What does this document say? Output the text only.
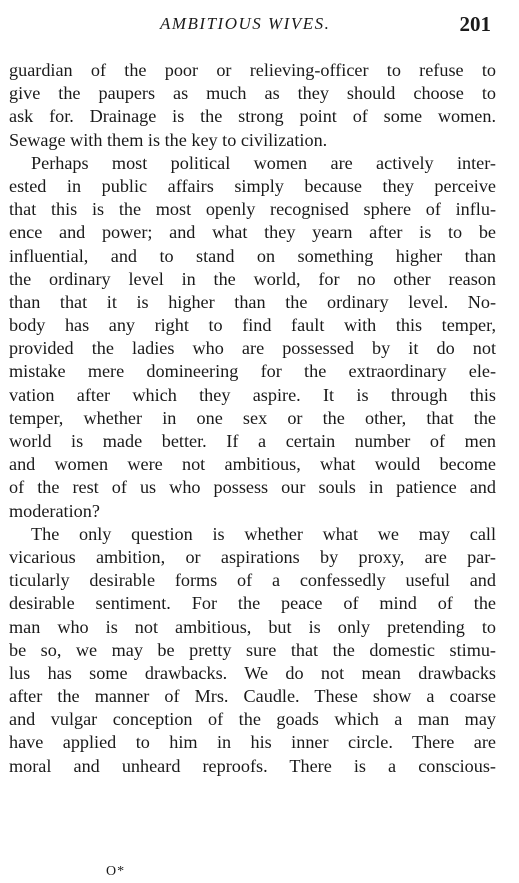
AMBITIOUS WIVES.	201
guardian of the poor or relieving-officer to refuse to
give the paupers as much as they should choose to
ask for. Drainage is the strong point of some women.
Sewage with them is the key to civilization.
Perhaps most political women are actively inter-
ested in public affairs simply because they perceive
that this is the most openly recognised sphere of influ-
ence and power; and what they yearn after is to be
influential, and to stand on something higher than
the ordinary level in the world, for no other reason
than that it is higher than the ordinary level. No-
body has any right to find fault with this temper,
provided the ladies who are possessed by it do not
mistake mere domineering for the extraordinary ele-
vation after which they aspire. It is through this
temper, whether in one sex or the other, that the
world is made better. If a certain number of men
and women were not ambitious, what would become
of the rest of us who possess our souls in patience and
moderation?
The only question is whether what we may call
vicarious ambition, or aspirations by proxy, are par-
ticularly desirable forms of a confessedly useful and
desirable sentiment. For the peace of mind of the
man who is not ambitious, but is only pretending to
be so, we may be pretty sure that the domestic stimu-
lus has some drawbacks. We do not mean drawbacks
after the manner of Mrs. Caudle. These show a coarse
and vulgar conception of the goads which a man may
have applied to him in his inner circle. There are
moral and unheard reproofs. There is a conscious-
O*
